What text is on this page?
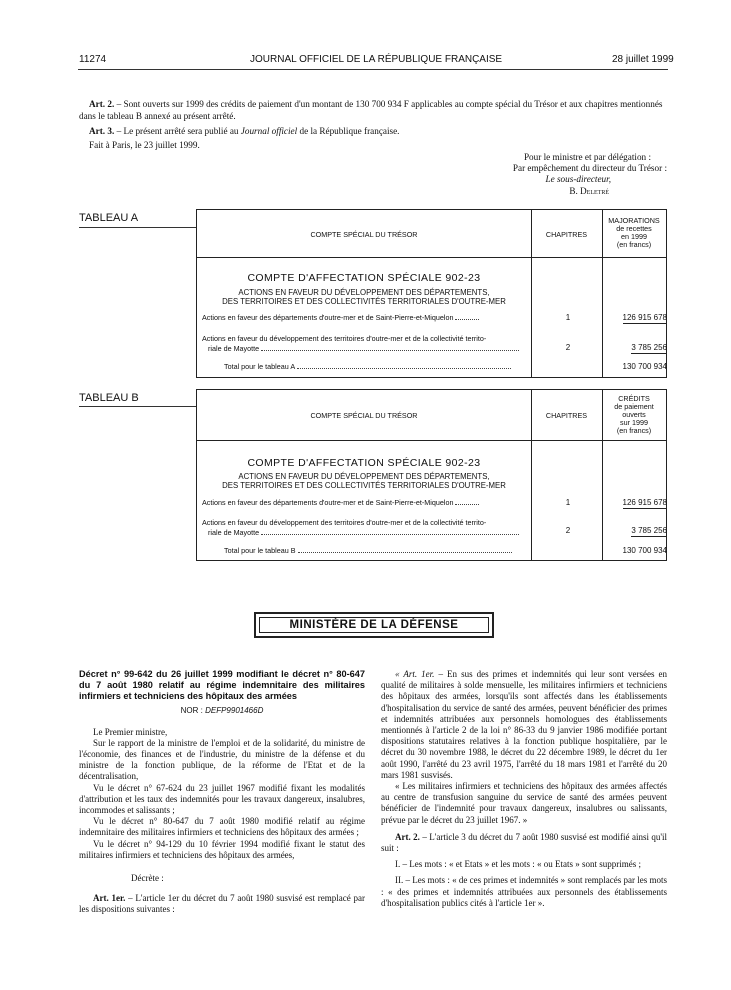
11274	JOURNAL OFFICIEL DE LA RÉPUBLIQUE FRANÇAISE	28 juillet 1999
Art. 2. – Sont ouverts sur 1999 des crédits de paiement d'un montant de 130 700 934 F applicables au compte spécial du Trésor et aux chapitres mentionnés dans le tableau B annexé au présent arrêté.
Art. 3. – Le présent arrêté sera publié au Journal officiel de la République française.
Fait à Paris, le 23 juillet 1999.
Pour le ministre et par délégation :
Par empêchement du directeur du Trésor :
Le sous-directeur,
B. Deletré
TABLEAU A
COMPTE SPÉCIAL DU TRÉSOR	CHAPITRES
MAJORATIONS
de recettes
en 1999
(en francs)
COMPTE D'AFFECTATION SPÉCIALE 902-23
ACTIONS EN FAVEUR DU DÉVELOPPEMENT DES DÉPARTEMENTS,
DES TERRITOIRES ET DES COLLECTIVITÉS TERRITORIALES D'OUTRE-MER
Actions en faveur des départements d'outre-mer et de Saint-Pierre-et-Miquelon	1	126 915 678
Actions en faveur du développement des territoires d'outre-mer et de la collectivité territo-
riale de Mayotte	2	3 785 256
Total pour le tableau A	130 700 934
TABLEAU B
COMPTE SPÉCIAL DU TRÉSOR	CHAPITRES
CRÉDITS
de paiement
ouverts
sur 1999
(en francs)
COMPTE D'AFFECTATION SPÉCIALE 902-23
ACTIONS EN FAVEUR DU DÉVELOPPEMENT DES DÉPARTEMENTS,
DES TERRITOIRES ET DES COLLECTIVITÉS TERRITORIALES D'OUTRE-MER
Actions en faveur des départements d'outre-mer et de Saint-Pierre-et-Miquelon	1	126 915 678
Actions en faveur du développement des territoires d'outre-mer et de la collectivité territo-
riale de Mayotte	2	3 785 256
Total pour le tableau B	130 700 934
MINISTÈRE DE LA DÉFENSE
Décret n° 99-642 du 26 juillet 1999 modifiant le décret n° 80-647 du 7 août 1980 relatif au régime indemnitaire des militaires infirmiers et techniciens des hôpitaux des armées
NOR : DEFP9901466D

Le Premier ministre,

Sur le rapport de la ministre de l'emploi et de la solidarité, du ministre de l'économie, des finances et de l'industrie, du ministre de la défense et du ministre de la fonction publique, de la réforme de l'Etat et de la décentralisation,

Vu le décret n° 67-624 du 23 juillet 1967 modifié fixant les modalités d'attribution et les taux des indemnités pour les travaux dangereux, insalubres, incommodes et salissants ;

Vu le décret n° 80-647 du 7 août 1980 modifié relatif au régime indemnitaire des militaires infirmiers et techniciens des hôpitaux des armées ;

Vu le décret n° 94-129 du 10 février 1994 modifié fixant le statut des militaires infirmiers et techniciens des hôpitaux des armées,

Décrète :

Art. 1er. – L'article 1er du décret du 7 août 1980 susvisé est remplacé par les dispositions suivantes :

« Art. 1er. – En sus des primes et indemnités qui leur sont versées en qualité de militaires à solde mensuelle, les militaires infirmiers et techniciens des hôpitaux des armées, lorsqu'ils sont affectés dans les établissements d'hospitalisation du service de santé des armées, peuvent bénéficier des primes et indemnités attribuées aux personnels homologues des établissements mentionnés à l'article 2 de la loi n° 86-33 du 9 janvier 1986 modifiée portant dispositions statutaires relatives à la fonction publique hospitalière, par le décret du 30 novembre 1988, le décret du 22 décembre 1989, le décret du 1er août 1990, l'arrêté du 23 avril 1975, l'arrêté du 18 mars 1981 et l'arrêté du 20 mars 1981 susvisés.

« Les militaires infirmiers et techniciens des hôpitaux des armées affectés au centre de transfusion sanguine du service de santé des armées peuvent bénéficier de l'indemnité pour travaux dangereux, insalubres ou salissants, prévue par le décret du 23 juillet 1967. »

Art. 2. – L'article 3 du décret du 7 août 1980 susvisé est modifié ainsi qu'il suit :

I. – Les mots : « et Etats » et les mots : « ou Etats » sont supprimés ;

II. – Les mots : « de ces primes et indemnités » sont remplacés par les mots : « des primes et indemnités attribuées aux personnels des établissements d'hospitalisation publics cités à l'article 1er ».
